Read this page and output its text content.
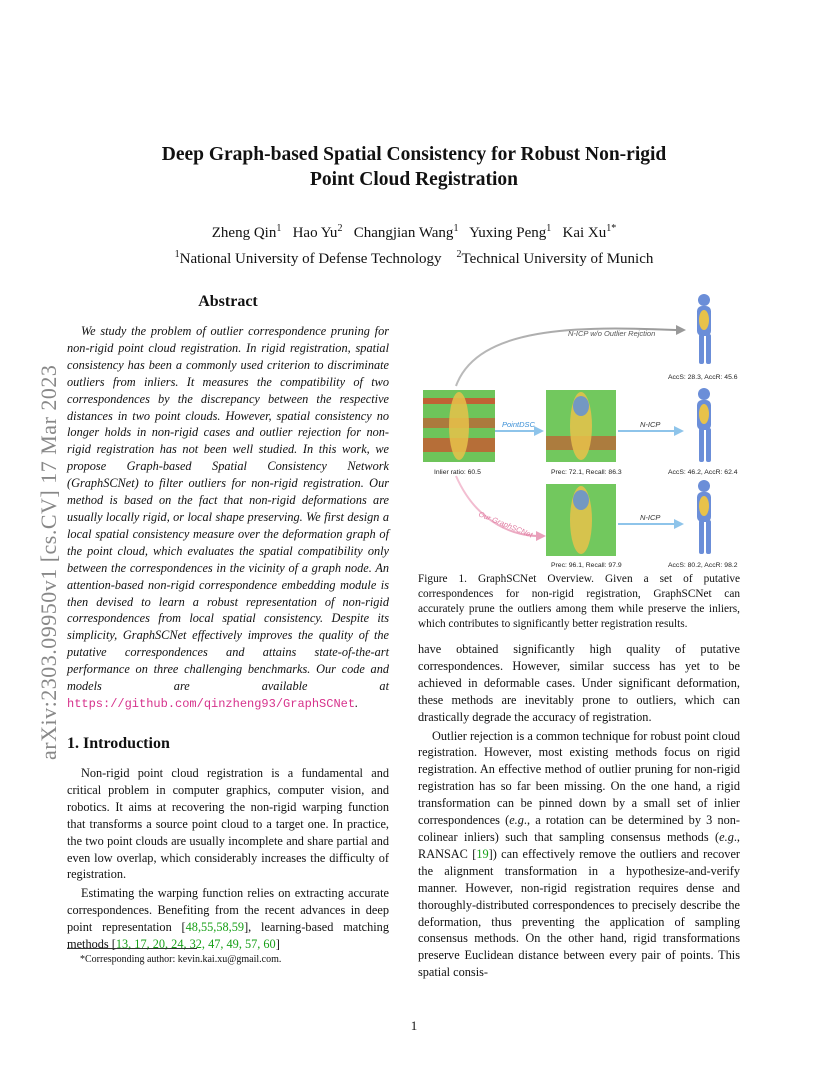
arXiv:2303.09950v1 [cs.CV] 17 Mar 2023
Deep Graph-based Spatial Consistency for Robust Non-rigid
Point Cloud Registration
Zheng Qin$^1$ Hao Yu$^2$ Changjian Wang$^1$ Yuxing Peng$^1$ Kai $Xu^{1*}$
$^1$National University of Defense Technology $^2$Technical University of Munich
Abstract

We study the problem of outlier correspondence pruning for non-rigid point cloud registration. In rigid registration, spatial consistency has been a commonly used criterion to discriminate outliers from inliers. It measures the compatibility of two correspondences by the discrepancy between the respective distances in two point clouds. However, spatial consistency no longer holds in non-rigid cases and outlier rejection for non-rigid registration has not been well studied. In this work, we propose Graph-based Spatial Consistency Network (GraphSCNet) to filter outliers for non-rigid registration. Our method is based on the fact that non-rigid deformations are usually locally rigid, or local shape preserving. We first design a local spatial consistency measure over the deformation graph of the point cloud, which evaluates the spatial compatibility only between the correspondences in the vicinity of a graph node. An attention-based non-rigid correspondence embedding module is then devised to learn a robust representation of non-rigid correspondences from local spatial consistency. Despite its simplicity, GraphSCNet effectively improves the quality of the putative correspondences and attains state-of-the-art performance on three challenging benchmarks. Our code and models are available at https://github.com/qinzheng93/GraphSCNet.

1. Introduction

Non-rigid point cloud registration is a fundamental and critical problem in computer graphics, computer vision, and robotics. It aims at recovering the non-rigid warping function that transforms a source point cloud to a target one. In practice, the two point clouds are usually incomplete and share partial and even low overlap, which considerably increases the difficulty of registration.

Estimating the warping function relies on extracting accurate correspondences. Benefiting from the recent advances in deep point representation [48,55,58,59], learning-based matching methods [13, 17, 20, 24, 32, 47, 49, 57, 60]

*Corresponding author: kevin.kai.xu@gmail.com.
N-ICP w/o Outlier Rejction
PointDSC	N-ICP
Our GraphSCNet	N-ICP
Inlier ratio: 60.5	Prec: 72.1, Recall: 86.3
Prec: 96.1, Recall: 97.9
AccS: 28.3, AccR: 45.6
AccS: 46.2, AccR: 62.4
AccS: 80.2, AccR: 98.2
Figure 1. GraphSCNet Overview. Given a set of putative correspondences for non-rigid registration, GraphSCNet can accurately prune the outliers among them while preserve the inliers, which contributes to significantly better registration results.

have obtained significantly high quality of putative correspondences. However, similar success has yet to be achieved in deformable cases. Under significant deformation, these methods are inevitably prone to outliers, which can drastically degrade the accuracy of registration.

Outlier rejection is a common technique for robust point cloud registration. However, most existing methods focus on rigid registration. An effective method of outlier pruning for non-rigid registration has so far been missing. On the one hand, a rigid transformation can be pinned down by a small set of inlier correspondences (e.g., a rotation can be determined by 3 non-colinear inliers) such that sampling consensus methods (e.g., RANSAC [19]) can effectively remove the outliers and recover the alignment transformation in a hypothesize-and-verify manner. However, non-rigid registration requires dense and thoroughly-distributed correspondences to precisely describe the deformation, thus preventing the application of sampling consensus methods. On the other hand, rigid transformations preserve Euclidean distance between every pair of points. This spatial consis-

1
